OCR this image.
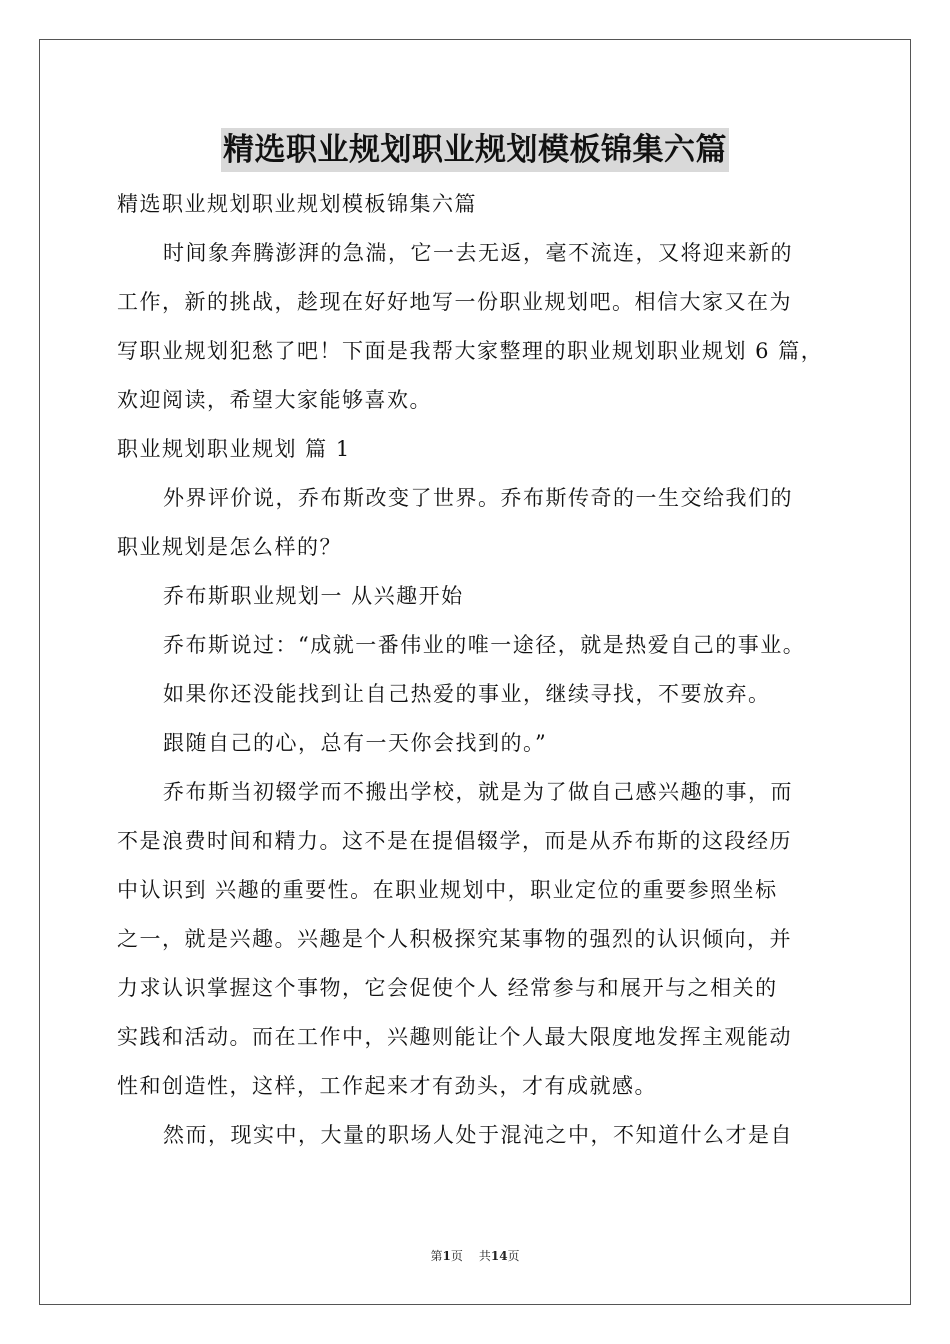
精选职业规划职业规划模板锦集六篇
精选职业规划职业规划模板锦集六篇
时间象奔腾澎湃的急湍，它一去无返，毫不流连，又将迎来新的
工作，新的挑战，趁现在好好地写一份职业规划吧。相信大家又在为
写职业规划犯愁了吧！下面是我帮大家整理的职业规划职业规划 6 篇，
欢迎阅读，希望大家能够喜欢。
职业规划职业规划 篇 1
外界评价说，乔布斯改变了世界。乔布斯传奇的一生交给我们的
职业规划是怎么样的？
乔布斯职业规划一 从兴趣开始
乔布斯说过：“成就一番伟业的唯一途径，就是热爱自己的事业。
如果你还没能找到让自己热爱的事业，继续寻找，不要放弃。
跟随自己的心，总有一天你会找到的。”
乔布斯当初辍学而不搬出学校，就是为了做自己感兴趣的事，而
不是浪费时间和精力。这不是在提倡辍学，而是从乔布斯的这段经历
中认识到 兴趣的重要性。在职业规划中，职业定位的重要参照坐标
之一，就是兴趣。兴趣是个人积极探究某事物的强烈的认识倾向，并
力求认识掌握这个事物，它会促使个人 经常参与和展开与之相关的
实践和活动。而在工作中，兴趣则能让个人最大限度地发挥主观能动
性和创造性，这样，工作起来才有劲头，才有成就感。
然而，现实中，大量的职场人处于混沌之中，不知道什么才是自
第1页 共14页
